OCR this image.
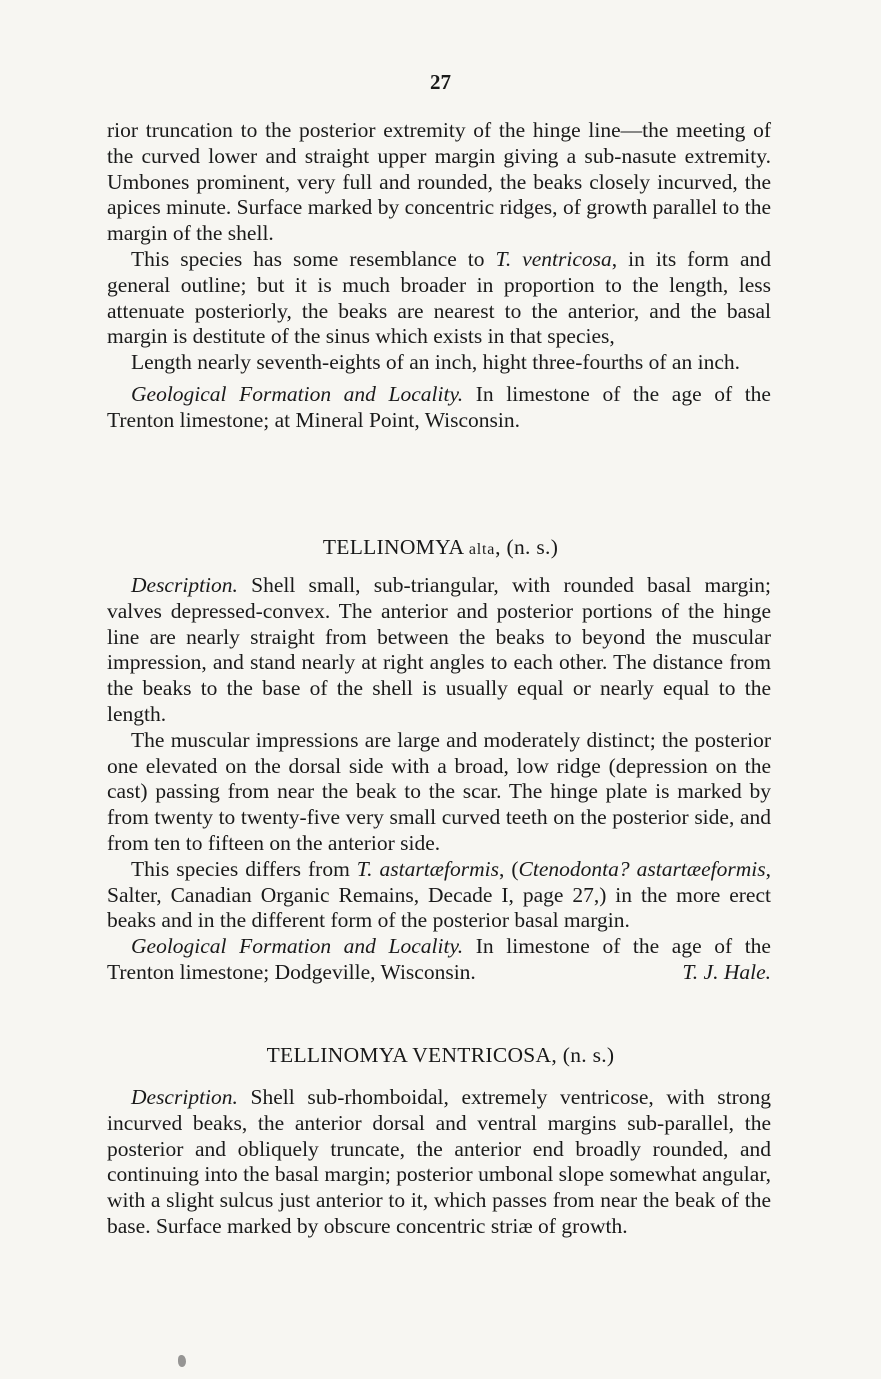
27

rior truncation to the posterior extremity of the hinge line—the meeting of the curved lower and straight upper margin giving a sub-nasute extremity. Umbones prominent, very full and rounded, the beaks closely incurved, the apices minute. Surface marked by concentric ridges, of growth parallel to the margin of the shell.

This species has some resemblance to T. ventricosa, in its form and general outline; but it is much broader in proportion to the length, less attenuate posteriorly, the beaks are nearest to the anterior, and the basal margin is destitute of the sinus which exists in that species,

Length nearly seventh-eights of an inch, hight three-fourths of an inch.

Geological Formation and Locality. In limestone of the age of the Trenton limestone; at Mineral Point, Wisconsin.

TELLINOMYA alta, (n. s.)

Description. Shell small, sub-triangular, with rounded basal margin; valves depressed-convex. The anterior and posterior portions of the hinge line are nearly straight from between the beaks to beyond the muscular impression, and stand nearly at right angles to each other. The distance from the beaks to the base of the shell is usually equal or nearly equal to the length.

The muscular impressions are large and moderately distinct; the posterior one elevated on the dorsal side with a broad, low ridge (depression on the cast) passing from near the beak to the scar. The hinge plate is marked by from twenty to twenty-five very small curved teeth on the posterior side, and from ten to fifteen on the anterior side.

This species differs from T. astartæformis, (Ctenodonta? astartæeformis, Salter, Canadian Organic Remains, Decade I, page 27,) in the more erect beaks and in the different form of the posterior basal margin.

Geological Formation and Locality. In limestone of the age of the Trenton limestone; Dodgeville, Wisconsin.	T. J. Hale.

TELLINOMYA VENTRICOSA, (n. s.)

Description. Shell sub-rhomboidal, extremely ventricose, with strong incurved beaks, the anterior dorsal and ventral margins sub-parallel, the posterior and obliquely truncate, the anterior end broadly rounded, and continuing into the basal margin; posterior umbonal slope somewhat angular, with a slight sulcus just anterior to it, which passes from near the beak of the base. Surface marked by obscure concentric striæ of growth.
